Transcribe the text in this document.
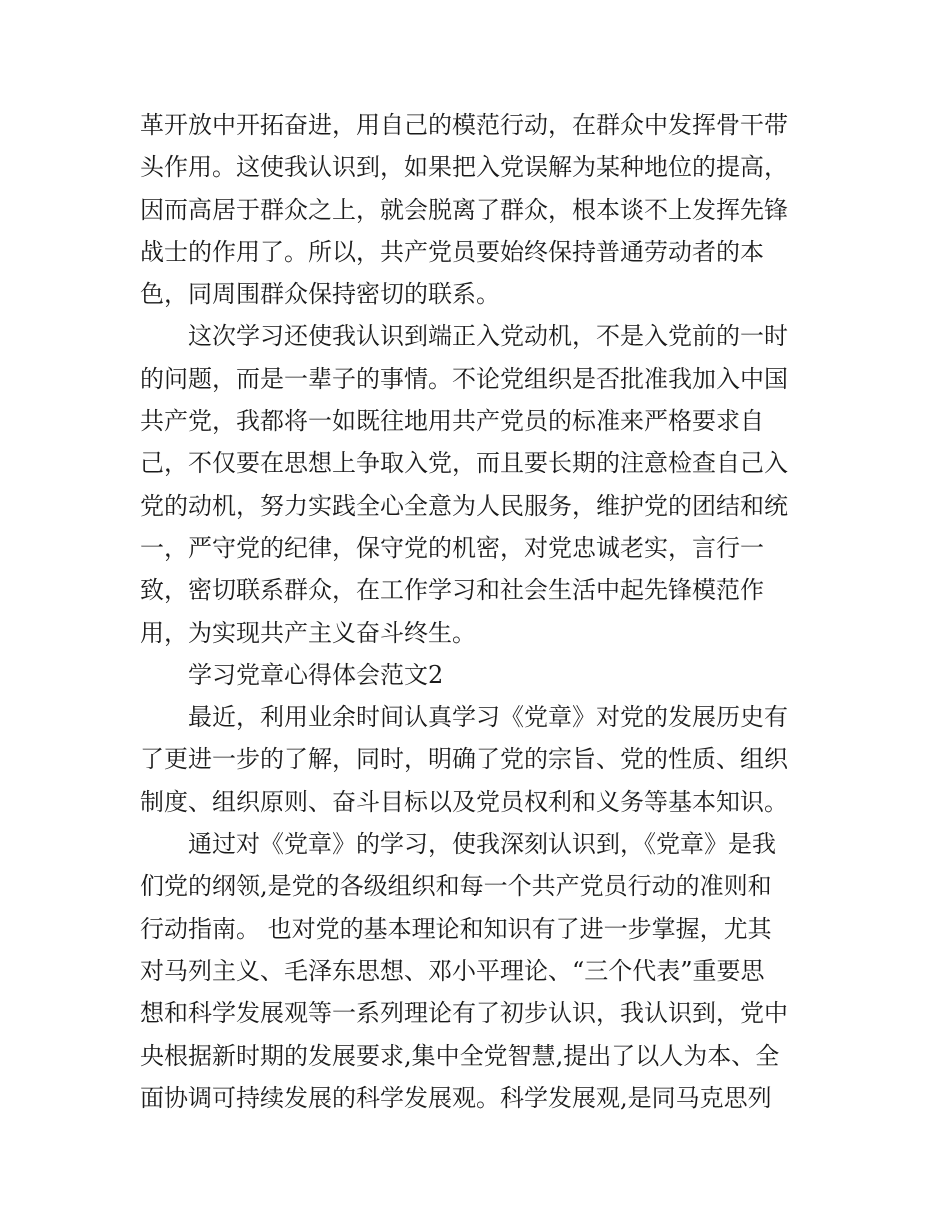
革开放中开拓奋进，用自己的模范行动，在群众中发挥骨干带
头作用。这使我认识到，如果把入党误解为某种地位的提高，
因而高居于群众之上，就会脱离了群众，根本谈不上发挥先锋
战士的作用了。所以，共产党员要始终保持普通劳动者的本
色，同周围群众保持密切的联系。
这次学习还使我认识到端正入党动机，不是入党前的一时
的问题，而是一辈子的事情。不论党组织是否批准我加入中国
共产党，我都将一如既往地用共产党员的标准来严格要求自
己，不仅要在思想上争取入党，而且要长期的注意检查自己入
党的动机，努力实践全心全意为人民服务，维护党的团结和统
一，严守党的纪律，保守党的机密，对党忠诚老实，言行一
致，密切联系群众，在工作学习和社会生活中起先锋模范作
用，为实现共产主义奋斗终生。
学习党章心得体会范文2
最近，利用业余时间认真学习《党章》对党的发展历史有
了更进一步的了解，同时，明确了党的宗旨、党的性质、组织
制度、组织原则、奋斗目标以及党员权利和义务等基本知识。
通过对《党章》的学习，使我深刻认识到，《党章》是我
们党的纲领,是党的各级组织和每一个共产党员行动的准则和
行动指南。 也对党的基本理论和知识有了进一步掌握，尤其
对马列主义、毛泽东思想、邓小平理论、“三个代表”重要思
想和科学发展观等一系列理论有了初步认识，我认识到，党中
央根据新时期的发展要求,集中全党智慧,提出了以人为本、全
面协调可持续发展的科学发展观。科学发展观,是同马克思列
